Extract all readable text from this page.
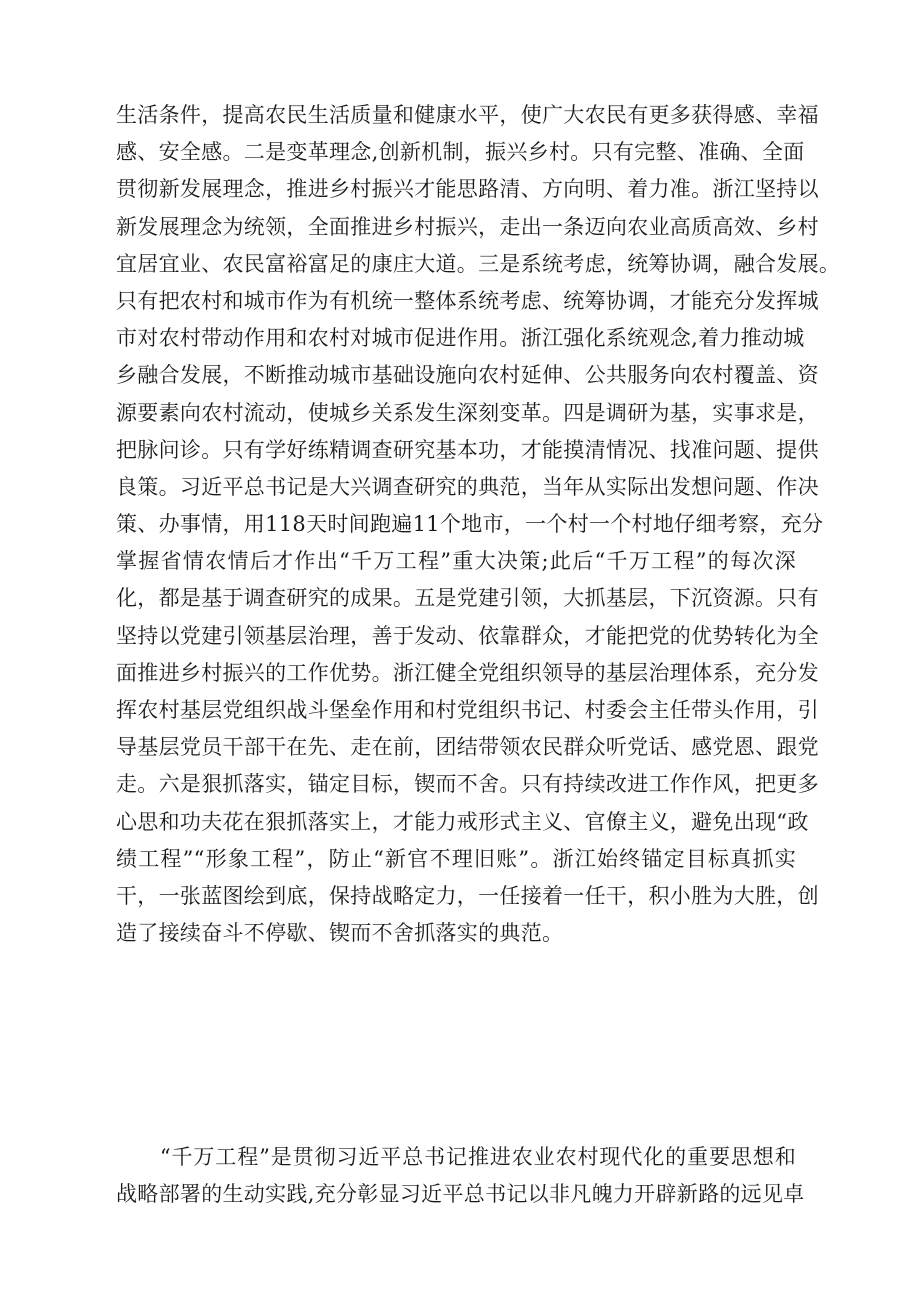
生活条件，提高农民生活质量和健康水平，使广大农民有更多获得感、幸福
感、安全感。二是变革理念,创新机制，振兴乡村。只有完整、准确、全面
贯彻新发展理念，推进乡村振兴才能思路清、方向明、着力准。浙江坚持以
新发展理念为统领，全面推进乡村振兴，走出一条迈向农业高质高效、乡村
宜居宜业、农民富裕富足的康庄大道。三是系统考虑，统筹协调，融合发展。
只有把农村和城市作为有机统一整体系统考虑、统筹协调，才能充分发挥城
市对农村带动作用和农村对城市促进作用。浙江强化系统观念,着力推动城
乡融合发展，不断推动城市基础设施向农村延伸、公共服务向农村覆盖、资
源要素向农村流动，使城乡关系发生深刻变革。四是调研为基，实事求是，
把脉问诊。只有学好练精调查研究基本功，才能摸清情况、找准问题、提供
良策。习近平总书记是大兴调查研究的典范，当年从实际出发想问题、作决
策、办事情，用118天时间跑遍11个地市，一个村一个村地仔细考察，充分
掌握省情农情后才作出“千万工程”重大决策;此后“千万工程”的每次深
化，都是基于调查研究的成果。五是党建引领，大抓基层，下沉资源。只有
坚持以党建引领基层治理，善于发动、依靠群众，才能把党的优势转化为全
面推进乡村振兴的工作优势。浙江健全党组织领导的基层治理体系，充分发
挥农村基层党组织战斗堡垒作用和村党组织书记、村委会主任带头作用，引
导基层党员干部干在先、走在前，团结带领农民群众听党话、感党恩、跟党
走。六是狠抓落实，锚定目标，锲而不舍。只有持续改进工作作风，把更多
心思和功夫花在狠抓落实上，才能力戒形式主义、官僚主义，避免出现“政
绩工程”“形象工程”，防止“新官不理旧账”。浙江始终锚定目标真抓实
干，一张蓝图绘到底，保持战略定力，一任接着一任干，积小胜为大胜，创
造了接续奋斗不停歇、锲而不舍抓落实的典范。
　　“千万工程”是贯彻习近平总书记推进农业农村现代化的重要思想和
战略部署的生动实践,充分彰显习近平总书记以非凡魄力开辟新路的远见卓
